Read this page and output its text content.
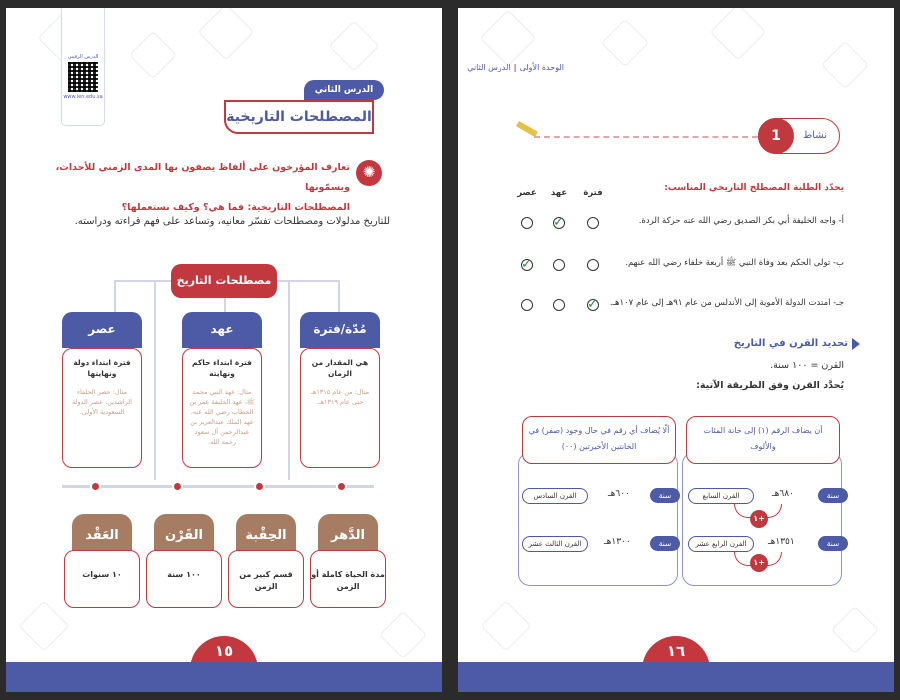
الدرس الرقمي
www.ien.edu.sa
الدرس الثاني
المصطلحات التاريخية
✺
تعارف المؤرخون على ألفاظ يصفون بها المدى الزمني للأحداث، ويسمّونها
المصطلحات التاريخية: فما هي؟ وكيف نستعملها؟
للتاريخ مدلولات ومصطلحات تفسّر معانيه، وتساعد على فهم قراءته ودراسته.
مصطلحات التاريخ
مُدّة/فترة
هي المقدار من الزمان
مثال: من عام ١٣١٥هـ حتى عام ١٣١٩هـ.
عهد
فترة ابتداء حاكم ونهايته
مثال: عهد النبي محمد ﷺ، عهد الخليفة عمر بن الخطاب رضي الله عنه، عهد الملك عبدالعزيز بن عبدالرحمن آل سعود رحمه الله.
عصر
فترة ابتداء دولة ونهايتها
مثال: عصر الخلفاء الراشدين، عصر الدولة السعودية الأولى.
الدَّهر
مدة الحياة كاملة أو الزمن
الحِقْبة
قسم كبير من الزمن
القَرْن
١٠٠ سنة
العَقْد
١٠ سنوات
١٥
الوحدة الأولى|الدرس الثاني
نشاط
1
يحدّد الطلبة المصطلح التاريخي المناسب:
فترة
عهد
عصر
أ- واجه الخليفة أبي بكر الصديق رضي الله عنه حركة الردة.
✓
ب- تولى الحكم بعد وفاة النبي ﷺ أربعة خلفاء رضي الله عنهم.
✓
جـ- امتدت الدولة الأموية إلى الأندلس من عام ٩١هـ إلى عام ١٠٧هـ.
✓
تحديد القرن في التاريخ
القرن = ١٠٠ سنة.
يُحدَّد القرن وفق الطريقة الآتية:
أن يضاف الرقم (١) إلى خانة المئات والألوف
سنة
٦٨٠هـ
القرن السابع
+١
سنة
١٣٥١هـ
القرن الرابع عشر
+١
ألّا يُضاف أي رقم في حال وجود (صفر) في الخانتين الأخيرتين (٠٠)
سنة
٦٠٠هـ
القرن السادس
سنة
١٣٠٠هـ
القرن الثالث عشر
١٦
